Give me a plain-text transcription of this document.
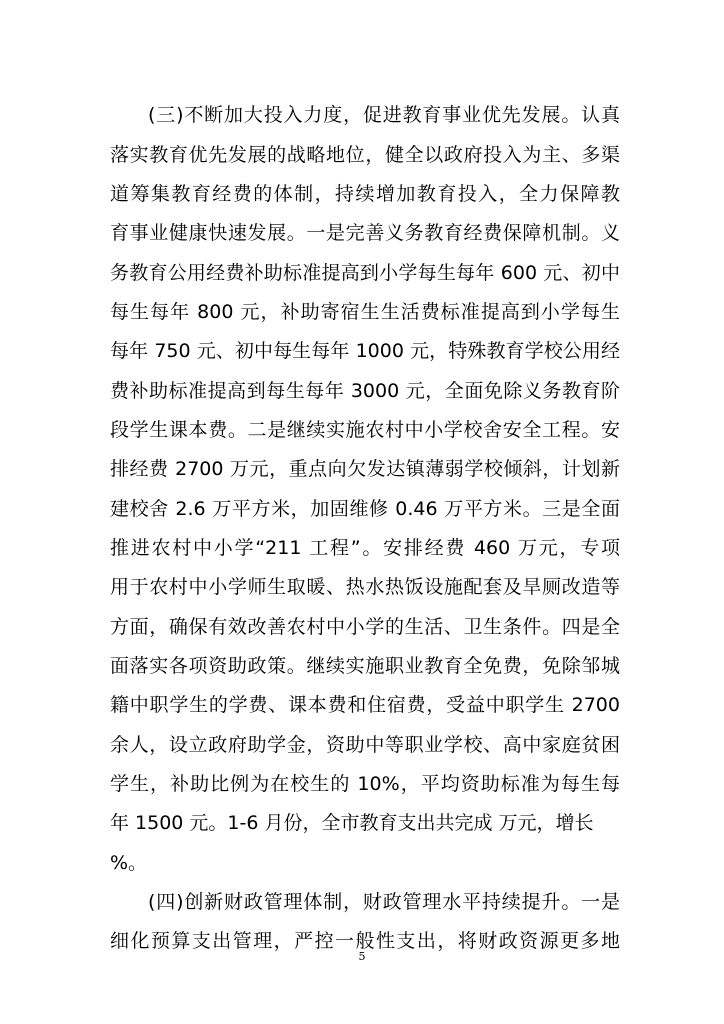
(三)不断加大投入力度，促进教育事业优先发展。认真
落实教育优先发展的战略地位，健全以政府投入为主、多渠
道筹集教育经费的体制，持续增加教育投入，全力保障教
育事业健康快速发展。一是完善义务教育经费保障机制。义
务教育公用经费补助标准提高到小学每生每年 600 元、初中
每生每年 800 元，补助寄宿生生活费标准提高到小学每生
每年 750 元、初中每生每年 1000 元，特殊教育学校公用经
费补助标准提高到每生每年 3000 元，全面免除义务教育阶
段学生课本费。二是继续实施农村中小学校舍安全工程。安
排经费 2700 万元，重点向欠发达镇薄弱学校倾斜，计划新
建校舍 2.6 万平方米，加固维修 0.46 万平方米。三是全面
推进农村中小学“211 工程”。安排经费 460 万元，专项
用于农村中小学师生取暖、热水热饭设施配套及旱厕改造等
方面，确保有效改善农村中小学的生活、卫生条件。四是全
面落实各项资助政策。继续实施职业教育全免费，免除邹城
籍中职学生的学费、课本费和住宿费，受益中职学生 2700
余人，设立政府助学金，资助中等职业学校、高中家庭贫困
学生，补助比例为在校生的 10%，平均资助标准为每生每
年 1500 元。1-6 月份，全市教育支出共完成 万元，增长
%。
(四)创新财政管理体制，财政管理水平持续提升。一是
细化预算支出管理，严控一般性支出，将财政资源更多地
5
